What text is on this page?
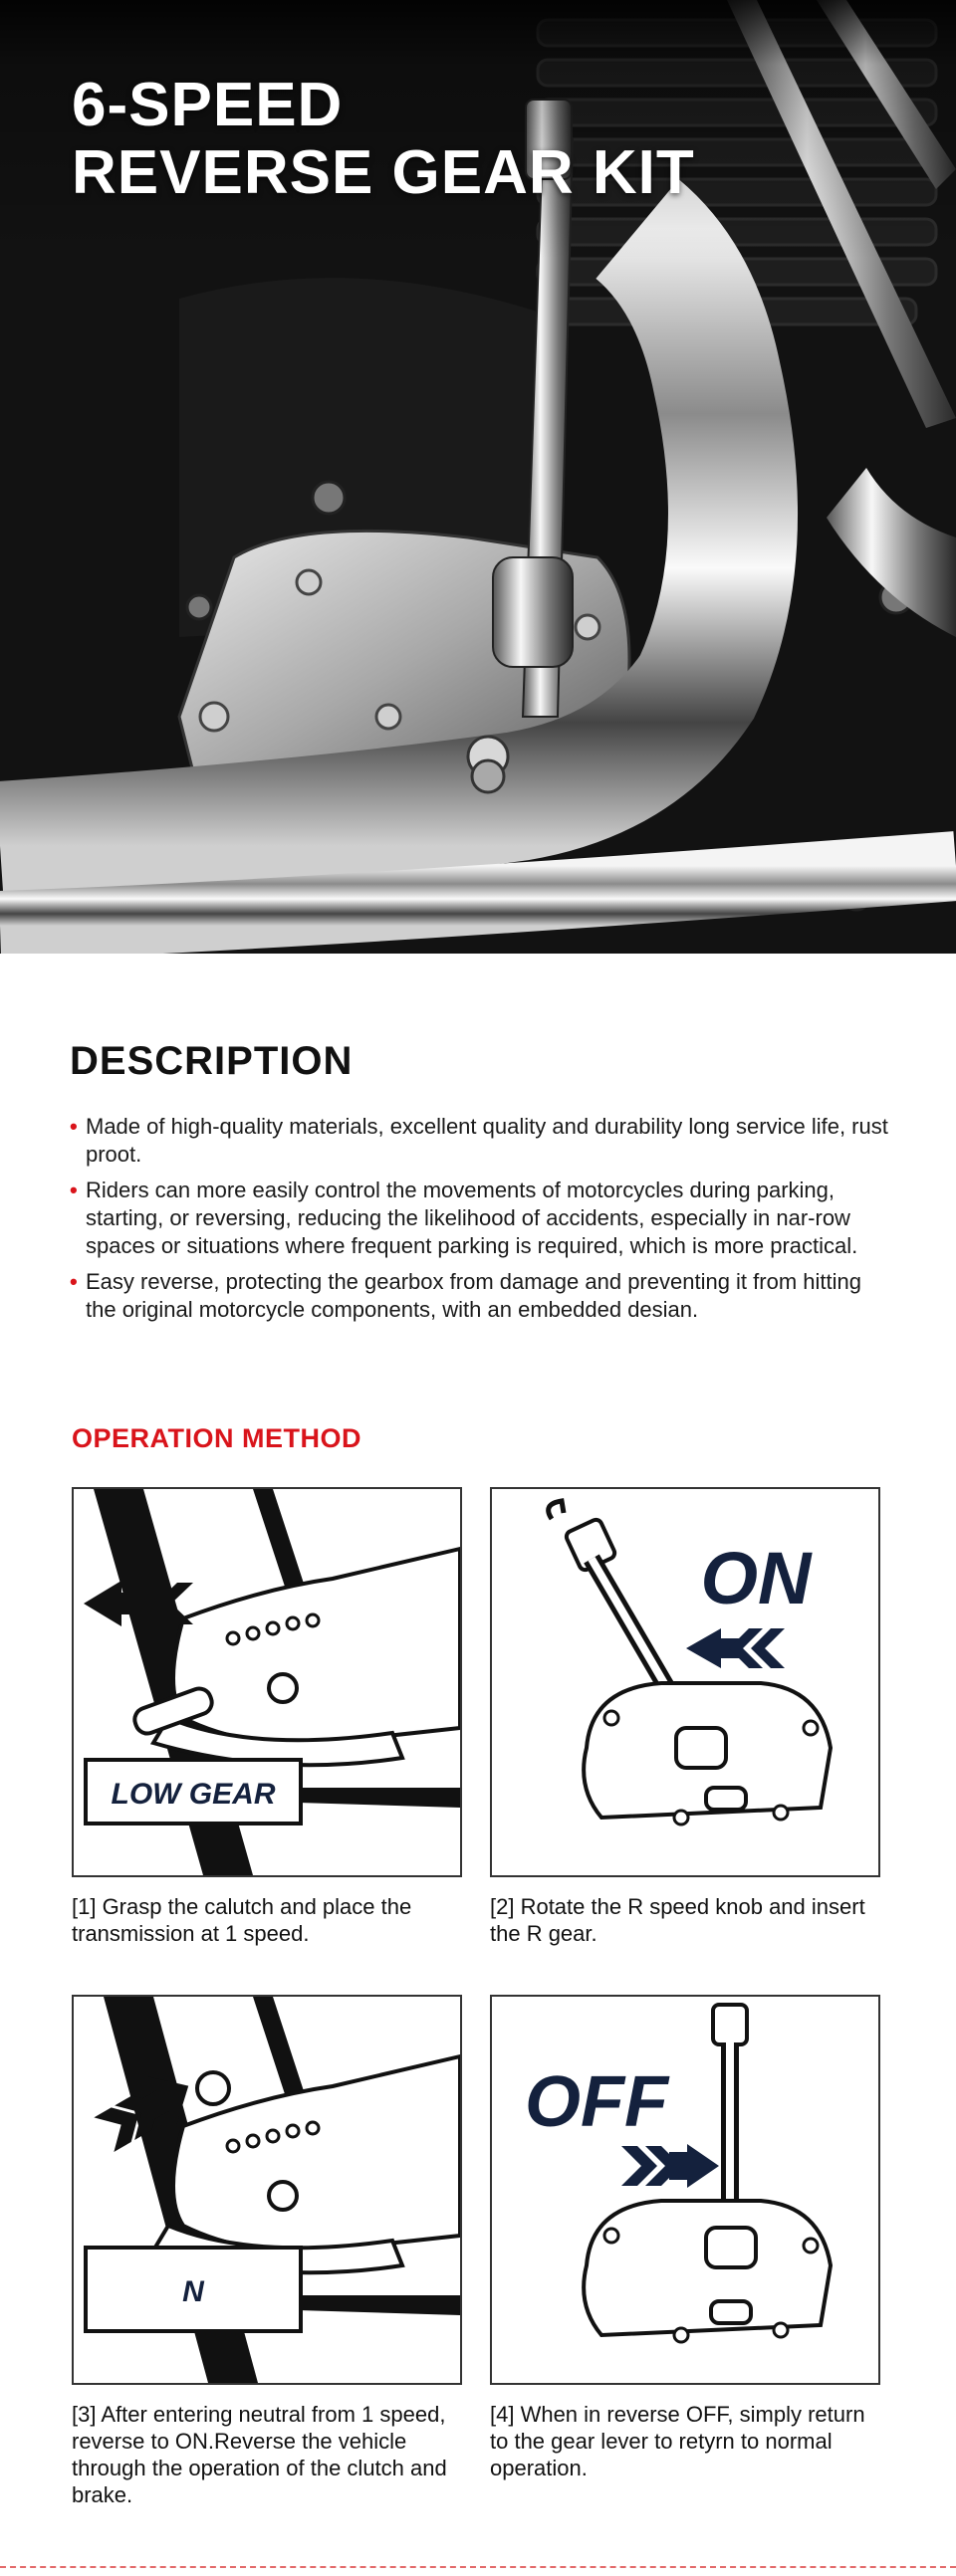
6-SPEED
REVERSE GEAR KIT
DESCRIPTION
• Made of high-quality materials, excellent quality and durability long service life, rust proot.
• Riders can more easily control the movements of motorcycles during parking, starting, or reversing, reducing the likelihood of accidents, especially in nar-row spaces or situations where frequent parking is required, which is more practical.
• Easy reverse, protecting the gearbox from damage and preventing it from hitting the original motorcycle components, with an embedded desian.
OPERATION METHOD
LOW GEAR
[1] Grasp the calutch and place the transmission at 1 speed.
ON
[2] Rotate the R speed knob and insert the R gear.
N
[3] After entering neutral from 1 speed, reverse to ON.Reverse the vehicle through the operation of the clutch and brake.
OFF
[4] When in reverse OFF, simply return to the gear lever to retyrn to normal operation.
